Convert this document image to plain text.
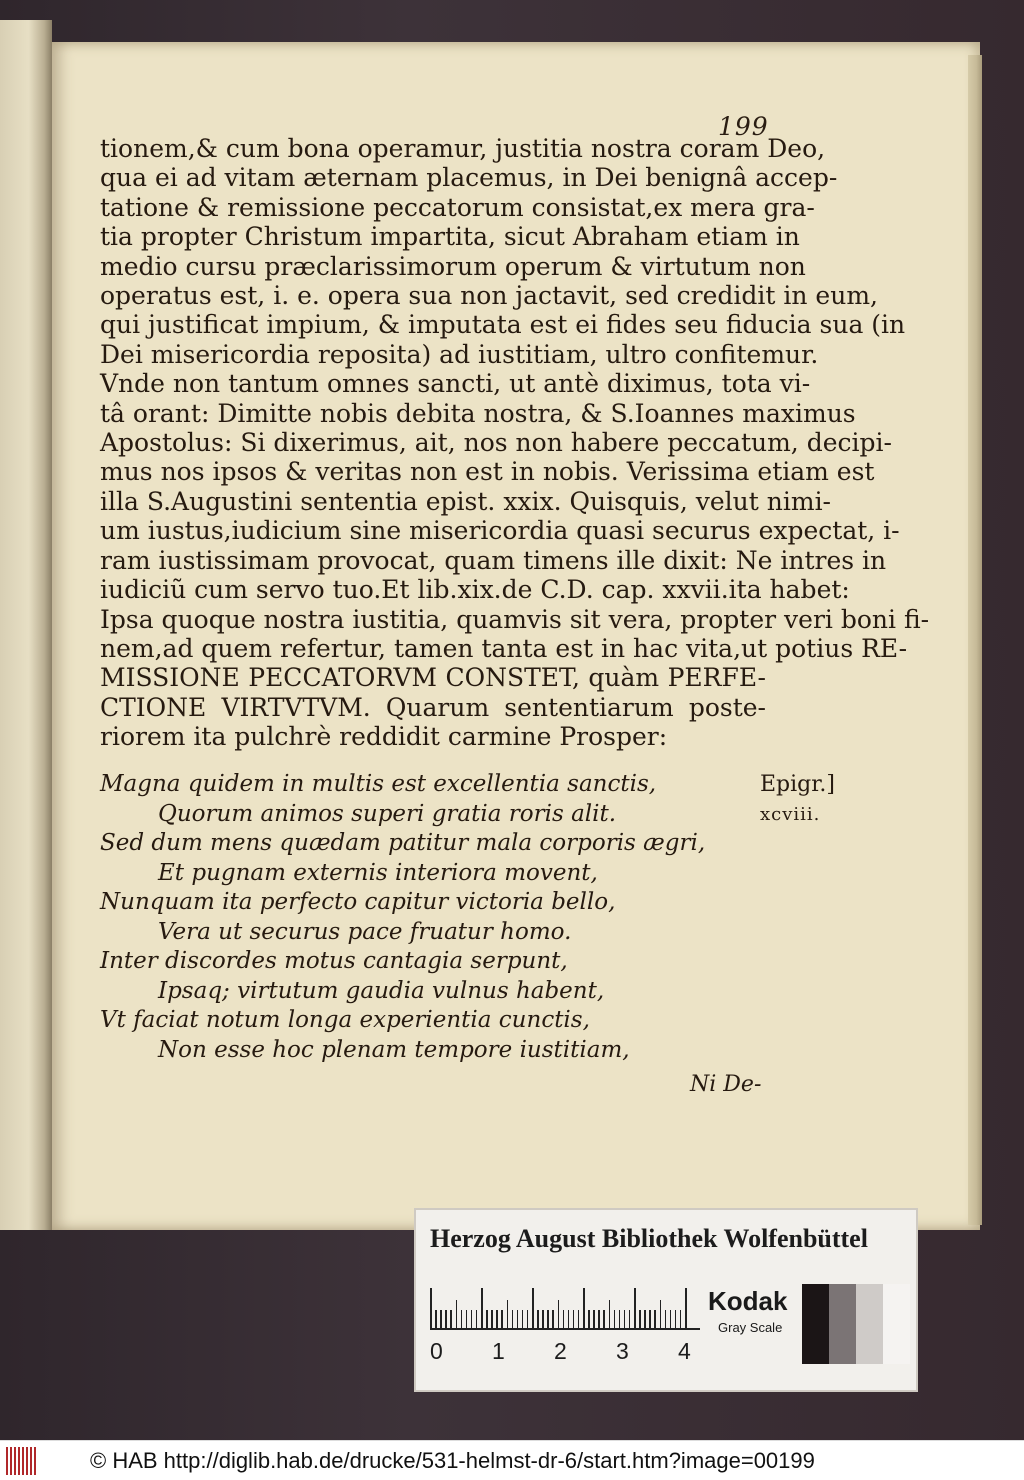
199
tionem,& cum bona operamur, justitia nostra coram Deo,
qua ei ad vitam æternam placemus, in Dei benignâ accep-
tatione & remissione peccatorum consistat,ex mera gra-
tia propter Christum impartita, sicut Abraham etiam in
medio cursu præclarissimorum operum & virtutum non
operatus est, i. e. opera sua non jactavit, sed credidit in eum,
qui justificat impium, & imputata est ei fides seu fiducia sua (in
Dei misericordia reposita) ad iustitiam, ultro confitemur.
Vnde non tantum omnes sancti, ut antè diximus, tota vi-
tâ orant: Dimitte nobis debita nostra, & S.Ioannes maximus
Apostolus: Si dixerimus, ait, nos non habere peccatum, decipi-
mus nos ipsos & veritas non est in nobis. Verissima etiam est
illa S.Augustini sententia epist. xxix. Quisquis, velut nimi-
um iustus,iudicium sine misericordia quasi securus expectat, i-
ram iustissimam provocat, quam timens ille dixit: Ne intres in
iudiciũ cum servo tuo.Et lib.xix.de C.D. cap. xxvii.ita habet:
Ipsa quoque nostra iustitia, quamvis sit vera, propter veri boni fi-
nem,ad quem refertur, tamen tanta est in hac vita,ut potius RE-
MISSIONE PECCATORVM CONSTET, quàm PERFE-
CTIONE VIRTVTVM. Quarum sententiarum poste-
riorem ita pulchrè reddidit carmine Prosper:
Magna quidem in multis est excellentia sanctis,
Quorum animos superi gratia roris alit.
Sed dum mens quædam patitur mala corporis ægri,
Et pugnam externis interiora movent,
Nunquam ita perfecto capitur victoria bello,
Vera ut securus pace fruatur homo.
Inter discordes motus cantagia serpunt,
Ipsaq; virtutum gaudia vulnus habent,
Vt faciat notum longa experientia cunctis,
Non esse hoc plenam tempore iustitiam,
Epigr.]
xcviii.
Ni De-
Herzog August Bibliothek Wolfenbüttel
0 1 2 3 4
Kodak
Gray Scale
© HAB http://diglib.hab.de/drucke/531-helmst-dr-6/start.htm?image=00199
